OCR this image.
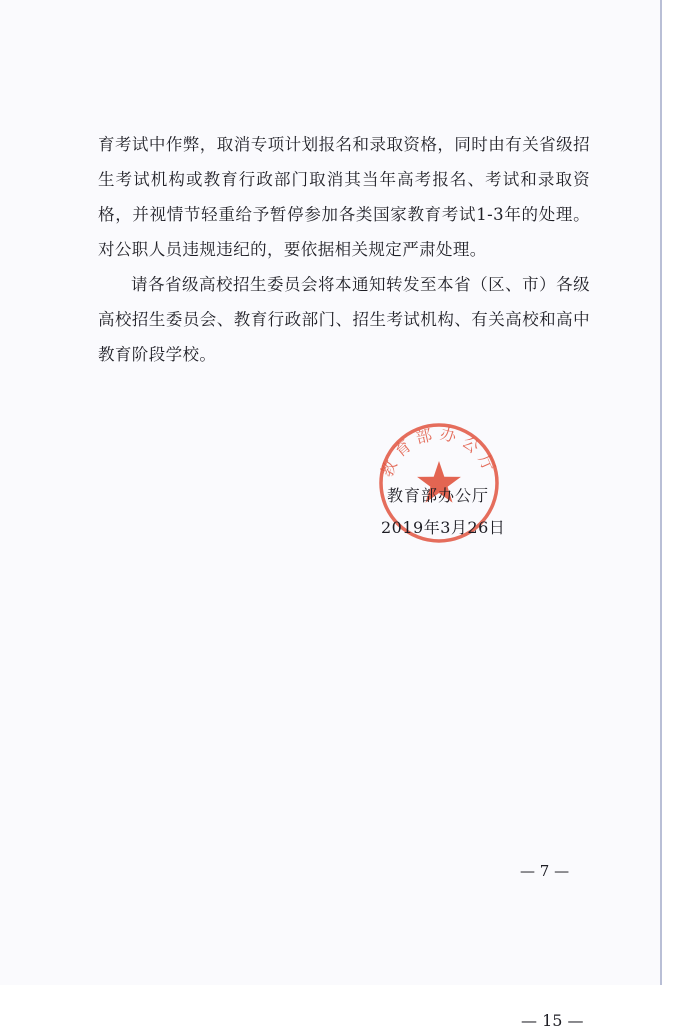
育考试中作弊，取消专项计划报名和录取资格，同时由有关省级招生考试机构或教育行政部门取消其当年高考报名、考试和录取资格，并视情节轻重给予暂停参加各类国家教育考试1-3年的处理。对公职人员违规违纪的，要依据相关规定严肃处理。

请各省级高校招生委员会将本通知转发至本省（区、市）各级高校招生委员会、教育行政部门、招生考试机构、有关高校和高中教育阶段学校。

教育部办公厅

教育部办公厅

2019年3月26日

— 7 —

— 15 —
